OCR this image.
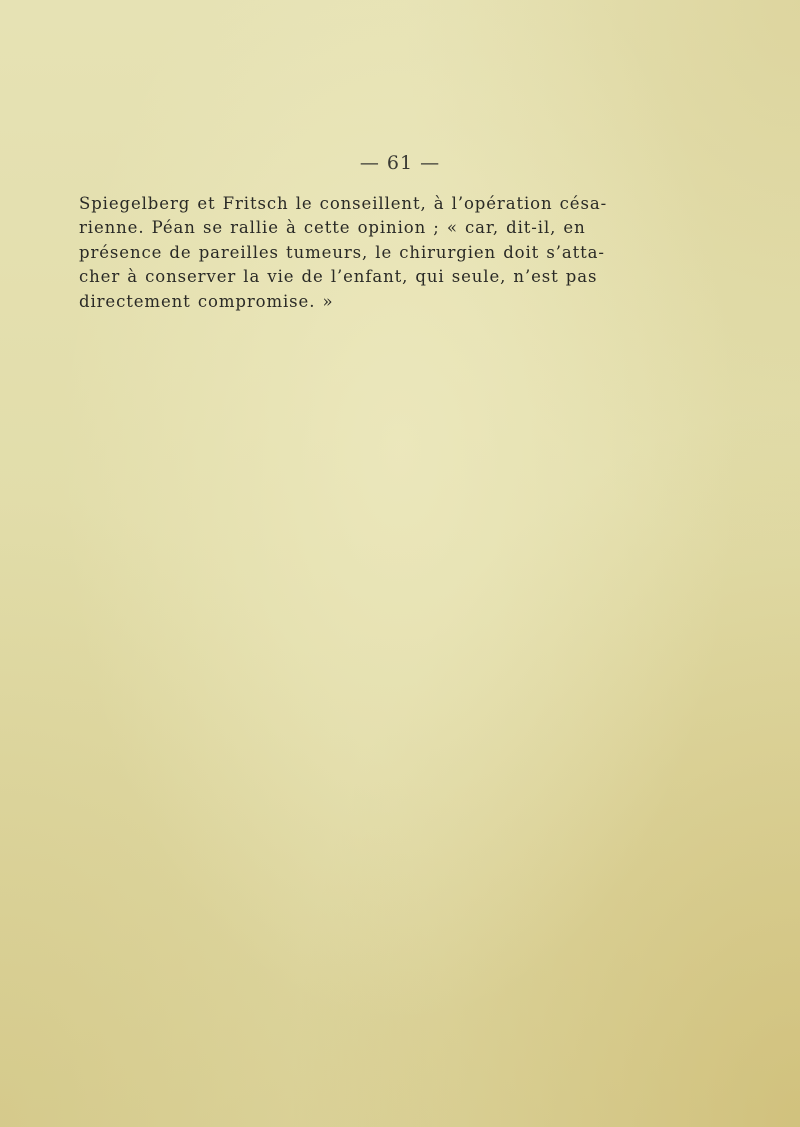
— 61 —
Spiegelberg et Fritsch le conseillent, à l’opération césa-
rienne. Péan se rallie à cette opinion ; « car, dit-il, en
présence de pareilles tumeurs, le chirurgien doit s’atta-
cher à conserver la vie de l’enfant, qui seule, n’est pas
directement compromise. »
